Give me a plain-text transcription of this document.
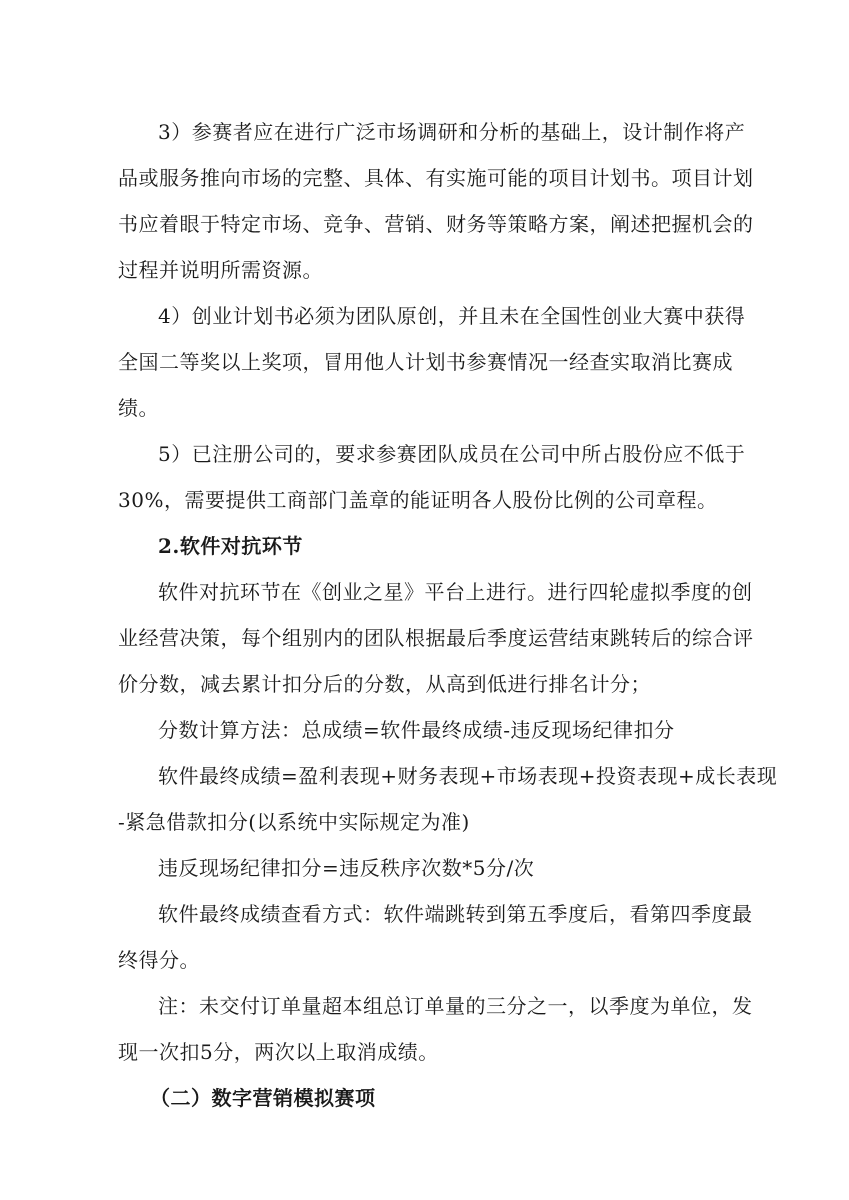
3）参赛者应在进行广泛市场调研和分析的基础上，设计制作将产
品或服务推向市场的完整、具体、有实施可能的项目计划书。项目计划
书应着眼于特定市场、竞争、营销、财务等策略方案，阐述把握机会的
过程并说明所需资源。
4）创业计划书必须为团队原创，并且未在全国性创业大赛中获得
全国二等奖以上奖项，冒用他人计划书参赛情况一经查实取消比赛成
绩。
5）已注册公司的，要求参赛团队成员在公司中所占股份应不低于
30%，需要提供工商部门盖章的能证明各人股份比例的公司章程。
2.软件对抗环节
软件对抗环节在《创业之星》平台上进行。进行四轮虚拟季度的创
业经营决策，每个组别内的团队根据最后季度运营结束跳转后的综合评
价分数，减去累计扣分后的分数，从高到低进行排名计分；
分数计算方法：总成绩=软件最终成绩-违反现场纪律扣分
软件最终成绩=盈利表现+财务表现+市场表现+投资表现+成长表现
-紧急借款扣分(以系统中实际规定为准)
违反现场纪律扣分=违反秩序次数*5分/次
软件最终成绩查看方式：软件端跳转到第五季度后，看第四季度最
终得分。
注：未交付订单量超本组总订单量的三分之一，以季度为单位，发
现一次扣5分，两次以上取消成绩。
（二）数字营销模拟赛项
